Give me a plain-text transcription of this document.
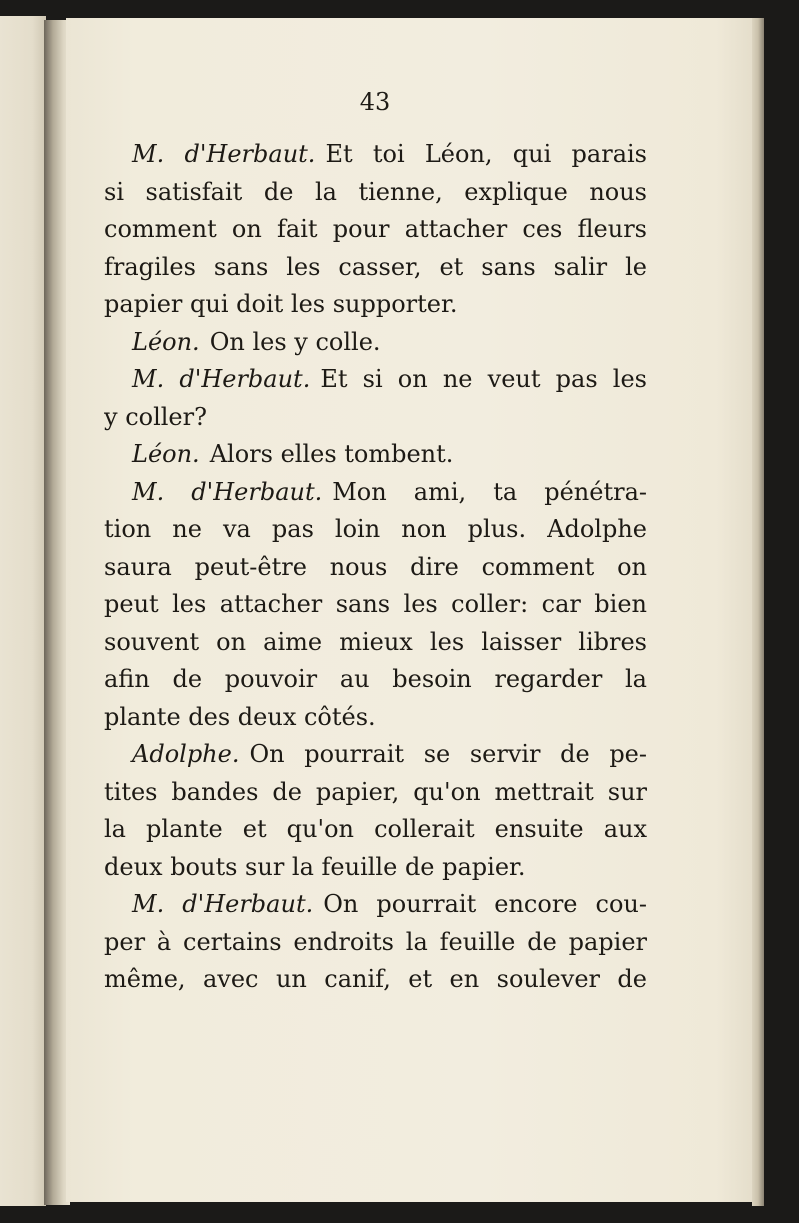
43
M. d'Herbaut. Et toi Léon, qui parais
si satisfait de la tienne, explique nous
comment on fait pour attacher ces fleurs
fragiles sans les casser, et sans salir le
papier qui doit les supporter.
Léon. On les y colle.
M. d'Herbaut. Et si on ne veut pas les
y coller?
Léon. Alors elles tombent.
M. d'Herbaut. Mon ami, ta pénétra-
tion ne va pas loin non plus. Adolphe
saura peut-être nous dire comment on
peut les attacher sans les coller: car bien
souvent on aime mieux les laisser libres
afin de pouvoir au besoin regarder la
plante des deux côtés.
Adolphe. On pourrait se servir de pe-
tites bandes de papier, qu'on mettrait sur
la plante et qu'on collerait ensuite aux
deux bouts sur la feuille de papier.
M. d'Herbaut. On pourrait encore cou-
per à certains endroits la feuille de papier
même, avec un canif, et en soulever de
